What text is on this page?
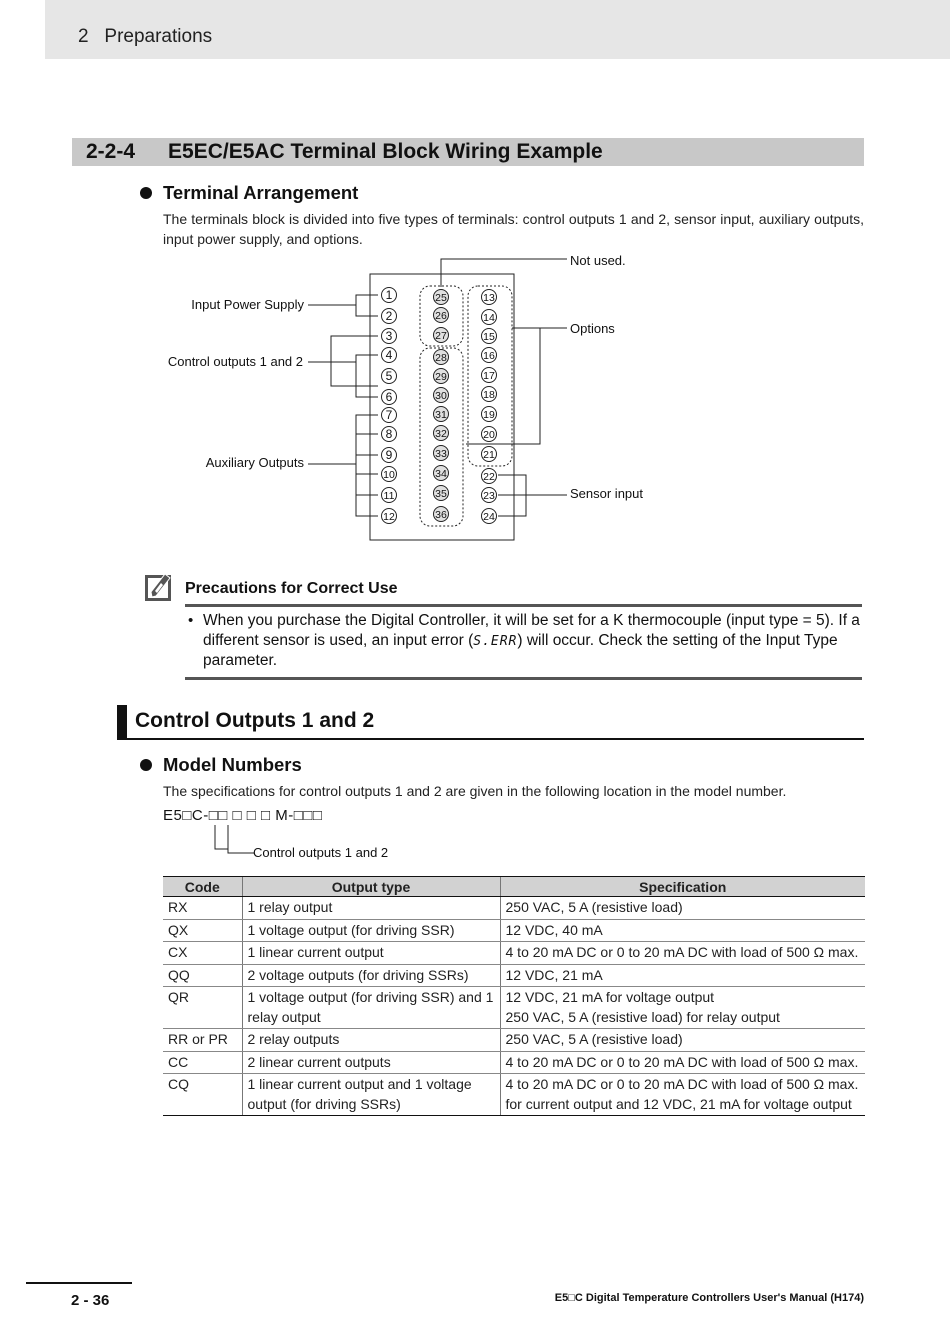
2   Preparations
2-2-4 E5EC/E5AC Terminal Block Wiring Example
Terminal Arrangement
The terminals block is divided into five types of terminals: control outputs 1 and 2, sensor input, auxiliary outputs, input power supply, and options.
1
2
3
4
5
6
7
8
9
10
11
12
25
26
27
28
29
30
31
32
33
34
35
36
13
14
15
16
17
18
19
20
21
22
23
24
Not used.
Input Power Supply
Options
Control outputs 1 and 2
Auxiliary Outputs
Sensor input
Precautions for Correct Use
• When you purchase the Digital Controller, it will be set for a K thermocouple (input type = 5). If a different sensor is used, an input error (S.ERR) will occur. Check the setting of the Input Type parameter.
Control Outputs 1 and 2
Model Numbers
The specifications for control outputs 1 and 2 are given in the following location in the model number.
E5□C-□□ □ □ □ M-□□□
Control outputs 1 and 2
Code	Output type	Specification
RX	1 relay output	250 VAC, 5 A (resistive load)
QX	1 voltage output (for driving SSR)	12 VDC, 40 mA
CX	1 linear current output	4 to 20 mA DC or 0 to 20 mA DC with load of 500 Ω max.
QQ	2 voltage outputs (for driving SSRs)	12 VDC, 21 mA
QR	1 voltage output (for driving SSR) and 1 relay output	12 VDC, 21 mA for voltage output
250 VAC, 5 A (resistive load) for relay output
RR or PR	2 relay outputs	250 VAC, 5 A (resistive load)
CC	2 linear current outputs	4 to 20 mA DC or 0 to 20 mA DC with load of 500 Ω max.
CQ	1 linear current output and 1 voltage output (for driving SSRs)	4 to 20 mA DC or 0 to 20 mA DC with load of 500 Ω max. for current output and 12 VDC, 21 mA for voltage output
2 - 36	E5□C Digital Temperature Controllers User's Manual (H174)
